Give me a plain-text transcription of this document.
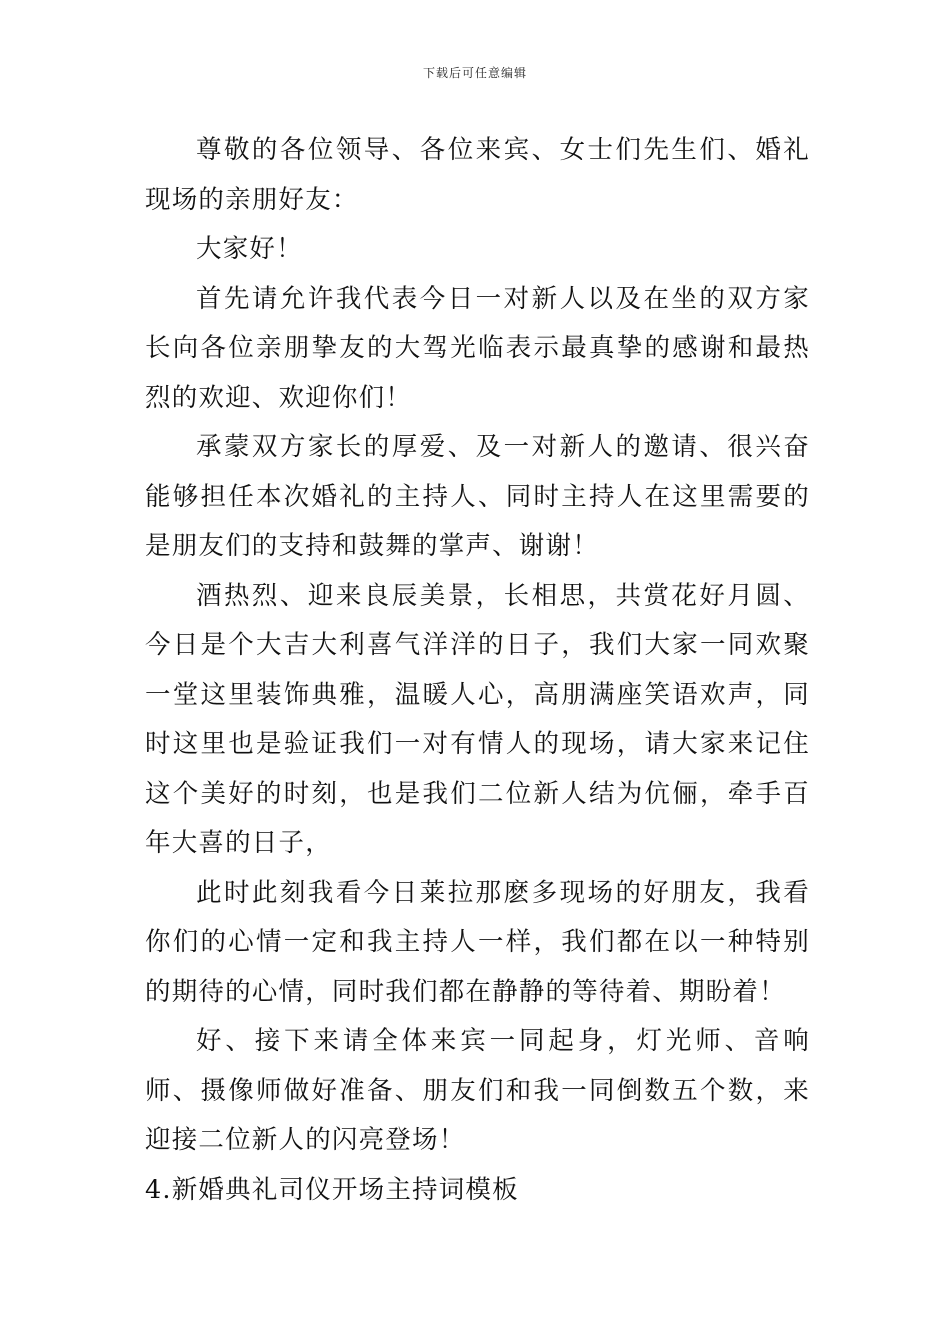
下载后可任意编辑

尊敬的各位领导、各位来宾、女士们先生们、婚礼现场的亲朋好友：

大家好！

首先请允许我代表今日一对新人以及在坐的双方家长向各位亲朋挚友的大驾光临表示最真挚的感谢和最热烈的欢迎、欢迎你们！

承蒙双方家长的厚爱、及一对新人的邀请、很兴奋能够担任本次婚礼的主持人、同时主持人在这里需要的是朋友们的支持和鼓舞的掌声、谢谢！

酒热烈、迎来良辰美景，长相思，共赏花好月圆、今日是个大吉大利喜气洋洋的日子，我们大家一同欢聚一堂这里装饰典雅，温暖人心，高朋满座笑语欢声，同时这里也是验证我们一对有情人的现场，请大家来记住这个美好的时刻，也是我们二位新人结为伉俪，牵手百年大喜的日子，

此时此刻我看今日莱拉那麽多现场的好朋友，我看你们的心情一定和我主持人一样，我们都在以一种特别的期待的心情，同时我们都在静静的等待着、期盼着！

好、接下来请全体来宾一同起身，灯光师、音响师、摄像师做好准备、朋友们和我一同倒数五个数，来迎接二位新人的闪亮登场！

4.新婚典礼司仪开场主持词模板
